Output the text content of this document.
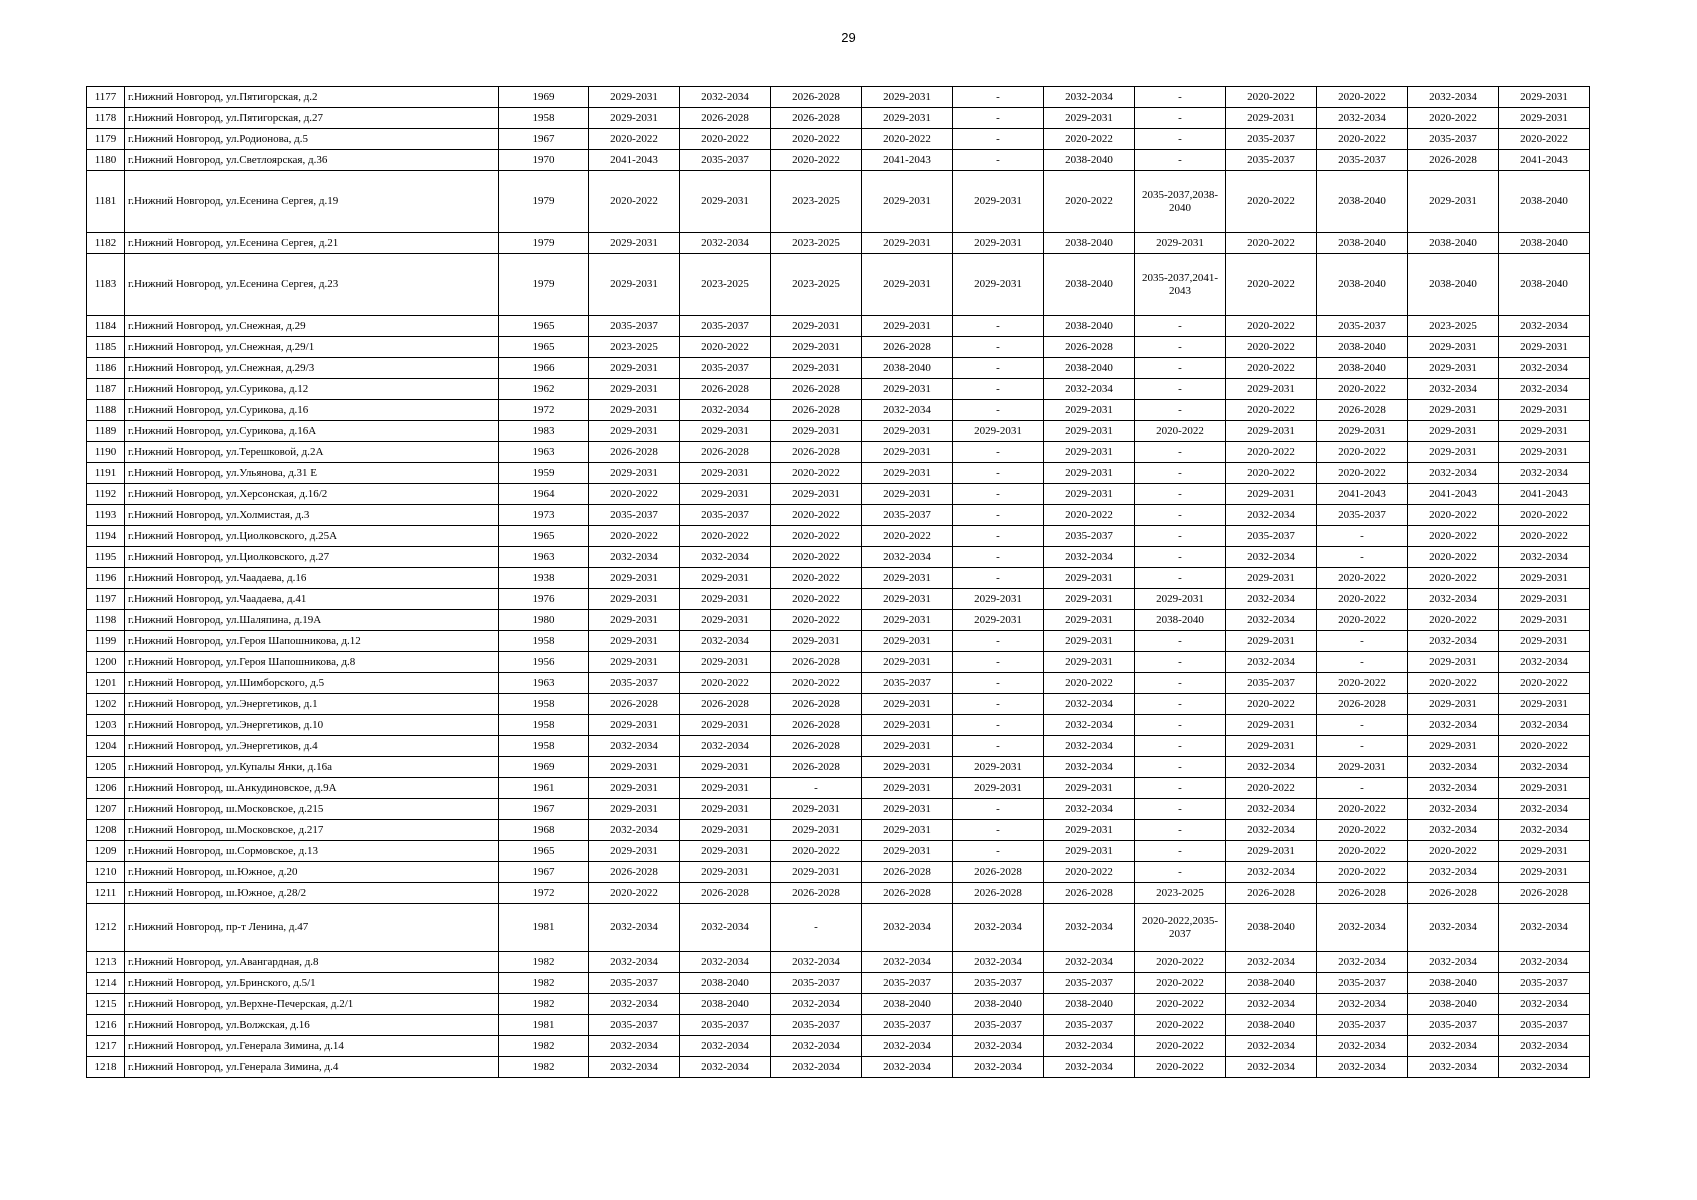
29
1177	г.Нижний Новгород, ул.Пятигорская, д.2	1969	2029-2031	2032-2034	2026-2028	2029-2031	-	2032-2034	-	2020-2022	2020-2022	2032-2034	2029-2031
1178	г.Нижний Новгород, ул.Пятигорская, д.27	1958	2029-2031	2026-2028	2026-2028	2029-2031	-	2029-2031	-	2029-2031	2032-2034	2020-2022	2029-2031
1179	г.Нижний Новгород, ул.Родионова, д.5	1967	2020-2022	2020-2022	2020-2022	2020-2022	-	2020-2022	-	2035-2037	2020-2022	2035-2037	2020-2022
1180	г.Нижний Новгород, ул.Светлоярская, д.36	1970	2041-2043	2035-2037	2020-2022	2041-2043	-	2038-2040	-	2035-2037	2035-2037	2026-2028	2041-2043
1181	г.Нижний Новгород, ул.Есенина Сергея, д.19	1979	2020-2022	2029-2031	2023-2025	2029-2031	2029-2031	2020-2022	2035-2037,2038-2040	2020-2022	2038-2040	2029-2031	2038-2040
1182	г.Нижний Новгород, ул.Есенина Сергея, д.21	1979	2029-2031	2032-2034	2023-2025	2029-2031	2029-2031	2038-2040	2029-2031	2020-2022	2038-2040	2038-2040	2038-2040
1183	г.Нижний Новгород, ул.Есенина Сергея, д.23	1979	2029-2031	2023-2025	2023-2025	2029-2031	2029-2031	2038-2040	2035-2037,2041-2043	2020-2022	2038-2040	2038-2040	2038-2040
1184	г.Нижний Новгород, ул.Снежная, д.29	1965	2035-2037	2035-2037	2029-2031	2029-2031	-	2038-2040	-	2020-2022	2035-2037	2023-2025	2032-2034
1185	г.Нижний Новгород, ул.Снежная, д.29/1	1965	2023-2025	2020-2022	2029-2031	2026-2028	-	2026-2028	-	2020-2022	2038-2040	2029-2031	2029-2031
1186	г.Нижний Новгород, ул.Снежная, д.29/3	1966	2029-2031	2035-2037	2029-2031	2038-2040	-	2038-2040	-	2020-2022	2038-2040	2029-2031	2032-2034
1187	г.Нижний Новгород, ул.Сурикова, д.12	1962	2029-2031	2026-2028	2026-2028	2029-2031	-	2032-2034	-	2029-2031	2020-2022	2032-2034	2032-2034
1188	г.Нижний Новгород, ул.Сурикова, д.16	1972	2029-2031	2032-2034	2026-2028	2032-2034	-	2029-2031	-	2020-2022	2026-2028	2029-2031	2029-2031
1189	г.Нижний Новгород, ул.Сурикова, д.16А	1983	2029-2031	2029-2031	2029-2031	2029-2031	2029-2031	2029-2031	2020-2022	2029-2031	2029-2031	2029-2031	2029-2031
1190	г.Нижний Новгород, ул.Терешковой, д.2А	1963	2026-2028	2026-2028	2026-2028	2029-2031	-	2029-2031	-	2020-2022	2020-2022	2029-2031	2029-2031
1191	г.Нижний Новгород, ул.Ульянова, д.31 Е	1959	2029-2031	2029-2031	2020-2022	2029-2031	-	2029-2031	-	2020-2022	2020-2022	2032-2034	2032-2034
1192	г.Нижний Новгород, ул.Херсонская, д.16/2	1964	2020-2022	2029-2031	2029-2031	2029-2031	-	2029-2031	-	2029-2031	2041-2043	2041-2043	2041-2043
1193	г.Нижний Новгород, ул.Холмистая, д.3	1973	2035-2037	2035-2037	2020-2022	2035-2037	-	2020-2022	-	2032-2034	2035-2037	2020-2022	2020-2022
1194	г.Нижний Новгород, ул.Циолковского, д.25А	1965	2020-2022	2020-2022	2020-2022	2020-2022	-	2035-2037	-	2035-2037	-	2020-2022	2020-2022
1195	г.Нижний Новгород, ул.Циолковского, д.27	1963	2032-2034	2032-2034	2020-2022	2032-2034	-	2032-2034	-	2032-2034	-	2020-2022	2032-2034
1196	г.Нижний Новгород, ул.Чаадаева, д.16	1938	2029-2031	2029-2031	2020-2022	2029-2031	-	2029-2031	-	2029-2031	2020-2022	2020-2022	2029-2031
1197	г.Нижний Новгород, ул.Чаадаева, д.41	1976	2029-2031	2029-2031	2020-2022	2029-2031	2029-2031	2029-2031	2029-2031	2032-2034	2020-2022	2032-2034	2029-2031
1198	г.Нижний Новгород, ул.Шаляпина, д.19А	1980	2029-2031	2029-2031	2020-2022	2029-2031	2029-2031	2029-2031	2038-2040	2032-2034	2020-2022	2020-2022	2029-2031
1199	г.Нижний Новгород, ул.Героя Шапошникова, д.12	1958	2029-2031	2032-2034	2029-2031	2029-2031	-	2029-2031	-	2029-2031	-	2032-2034	2029-2031
1200	г.Нижний Новгород, ул.Героя Шапошникова, д.8	1956	2029-2031	2029-2031	2026-2028	2029-2031	-	2029-2031	-	2032-2034	-	2029-2031	2032-2034
1201	г.Нижний Новгород, ул.Шимборского, д.5	1963	2035-2037	2020-2022	2020-2022	2035-2037	-	2020-2022	-	2035-2037	2020-2022	2020-2022	2020-2022
1202	г.Нижний Новгород, ул.Энергетиков, д.1	1958	2026-2028	2026-2028	2026-2028	2029-2031	-	2032-2034	-	2020-2022	2026-2028	2029-2031	2029-2031
1203	г.Нижний Новгород, ул.Энергетиков, д.10	1958	2029-2031	2029-2031	2026-2028	2029-2031	-	2032-2034	-	2029-2031	-	2032-2034	2032-2034
1204	г.Нижний Новгород, ул.Энергетиков, д.4	1958	2032-2034	2032-2034	2026-2028	2029-2031	-	2032-2034	-	2029-2031	-	2029-2031	2020-2022
1205	г.Нижний Новгород, ул.Купалы Янки, д.16а	1969	2029-2031	2029-2031	2026-2028	2029-2031	2029-2031	2032-2034	-	2032-2034	2029-2031	2032-2034	2032-2034
1206	г.Нижний Новгород, ш.Анкудиновское, д.9А	1961	2029-2031	2029-2031	-	2029-2031	2029-2031	2029-2031	-	2020-2022	-	2032-2034	2029-2031
1207	г.Нижний Новгород, ш.Московское, д.215	1967	2029-2031	2029-2031	2029-2031	2029-2031	-	2032-2034	-	2032-2034	2020-2022	2032-2034	2032-2034
1208	г.Нижний Новгород, ш.Московское, д.217	1968	2032-2034	2029-2031	2029-2031	2029-2031	-	2029-2031	-	2032-2034	2020-2022	2032-2034	2032-2034
1209	г.Нижний Новгород, ш.Сормовское, д.13	1965	2029-2031	2029-2031	2020-2022	2029-2031	-	2029-2031	-	2029-2031	2020-2022	2020-2022	2029-2031
1210	г.Нижний Новгород, ш.Южное, д.20	1967	2026-2028	2029-2031	2029-2031	2026-2028	2026-2028	2020-2022	-	2032-2034	2020-2022	2032-2034	2029-2031
1211	г.Нижний Новгород, ш.Южное, д.28/2	1972	2020-2022	2026-2028	2026-2028	2026-2028	2026-2028	2026-2028	2023-2025	2026-2028	2026-2028	2026-2028	2026-2028
1212	г.Нижний Новгород, пр-т Ленина, д.47	1981	2032-2034	2032-2034	-	2032-2034	2032-2034	2032-2034	2020-2022,2035-2037	2038-2040	2032-2034	2032-2034	2032-2034
1213	г.Нижний Новгород, ул.Авангардная, д.8	1982	2032-2034	2032-2034	2032-2034	2032-2034	2032-2034	2032-2034	2020-2022	2032-2034	2032-2034	2032-2034	2032-2034
1214	г.Нижний Новгород, ул.Бринского, д.5/1	1982	2035-2037	2038-2040	2035-2037	2035-2037	2035-2037	2035-2037	2020-2022	2038-2040	2035-2037	2038-2040	2035-2037
1215	г.Нижний Новгород, ул.Верхне-Печерская, д.2/1	1982	2032-2034	2038-2040	2032-2034	2038-2040	2038-2040	2038-2040	2020-2022	2032-2034	2032-2034	2038-2040	2032-2034
1216	г.Нижний Новгород, ул.Волжская, д.16	1981	2035-2037	2035-2037	2035-2037	2035-2037	2035-2037	2035-2037	2020-2022	2038-2040	2035-2037	2035-2037	2035-2037
1217	г.Нижний Новгород, ул.Генерала Зимина, д.14	1982	2032-2034	2032-2034	2032-2034	2032-2034	2032-2034	2032-2034	2020-2022	2032-2034	2032-2034	2032-2034	2032-2034
1218	г.Нижний Новгород, ул.Генерала Зимина, д.4	1982	2032-2034	2032-2034	2032-2034	2032-2034	2032-2034	2032-2034	2020-2022	2032-2034	2032-2034	2032-2034	2032-2034
